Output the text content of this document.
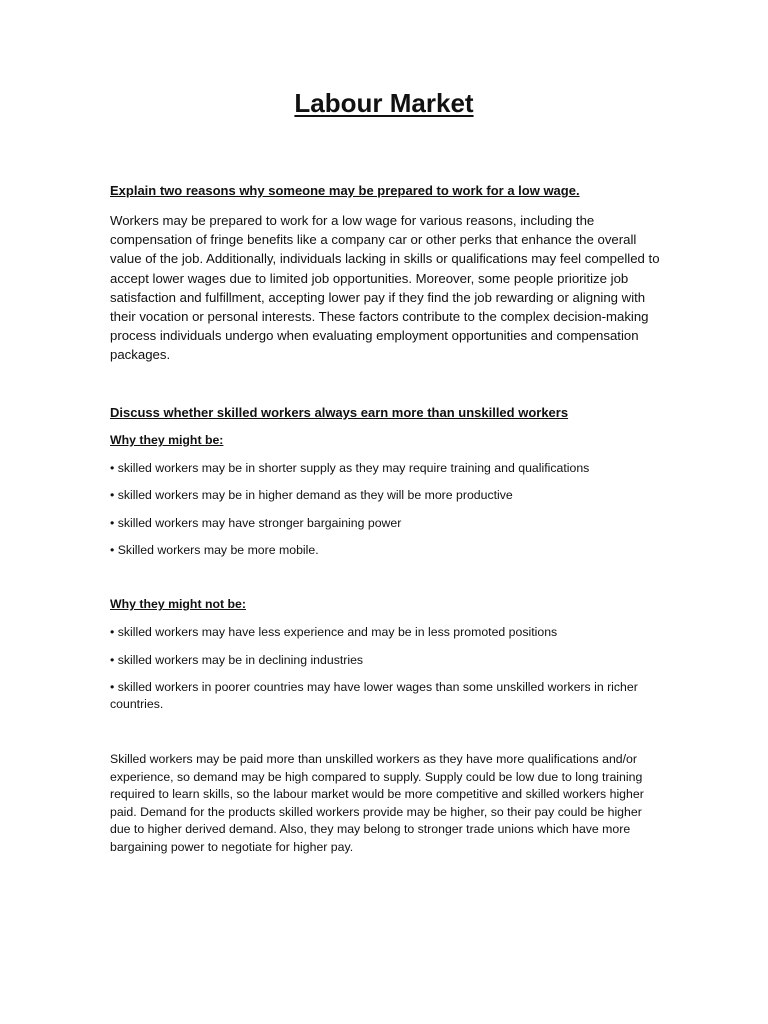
Labour Market

Explain two reasons why someone may be prepared to work for a low wage.

Workers may be prepared to work for a low wage for various reasons, including the compensation of fringe benefits like a company car or other perks that enhance the overall value of the job. Additionally, individuals lacking in skills or qualifications may feel compelled to accept lower wages due to limited job opportunities. Moreover, some people prioritize job satisfaction and fulfillment, accepting lower pay if they find the job rewarding or aligning with their vocation or personal interests. These factors contribute to the complex decision-making process individuals undergo when evaluating employment opportunities and compensation packages.

Discuss whether skilled workers always earn more than unskilled workers

Why they might be:

• skilled workers may be in shorter supply as they may require training and qualifications

• skilled workers may be in higher demand as they will be more productive

• skilled workers may have stronger bargaining power

• Skilled workers may be more mobile.

Why they might not be:

• skilled workers may have less experience and may be in less promoted positions

• skilled workers may be in declining industries

• skilled workers in poorer countries may have lower wages than some unskilled workers in richer countries.

Skilled workers may be paid more than unskilled workers as they have more qualifications and/or experience, so demand may be high compared to supply. Supply could be low due to long training required to learn skills, so the labour market would be more competitive and skilled workers higher paid. Demand for the products skilled workers provide may be higher, so their pay could be higher due to higher derived demand. Also, they may belong to stronger trade unions which have more bargaining power to negotiate for higher pay.
